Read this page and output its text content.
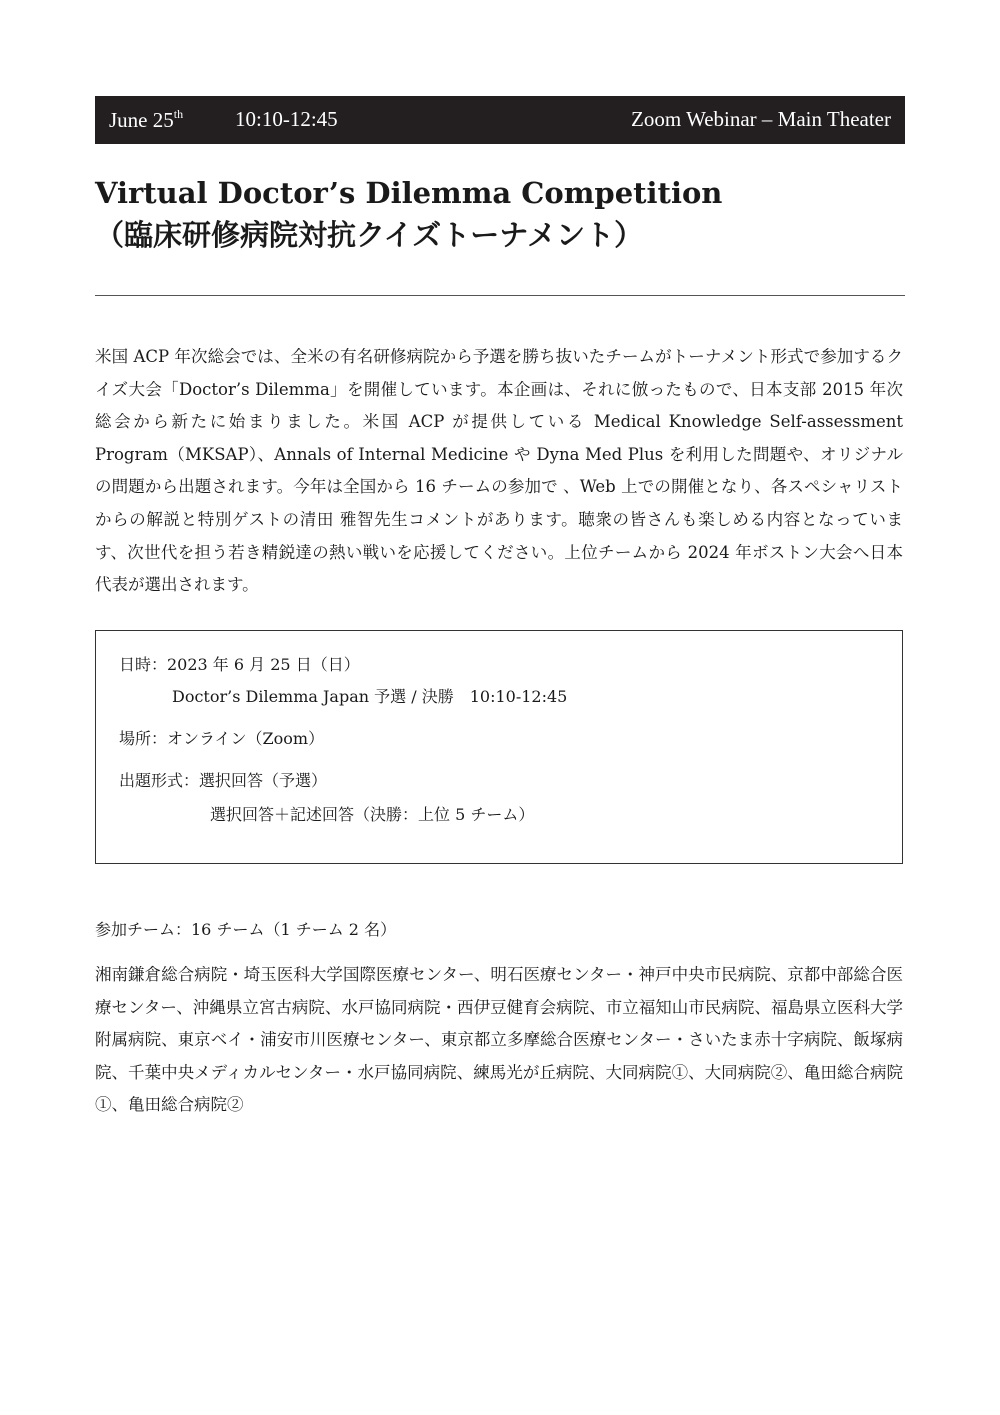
June 25th 10:10-12:45	Zoom Webinar – Main Theater
Virtual Doctor’s Dilemma Competition
（臨床研修病院対抗クイズトーナメント）

米国 ACP 年次総会では、全米の有名研修病院から予選を勝ち抜いたチームがトーナメント形式で参加するクイズ大会「Doctor’s Dilemma」を開催しています。本企画は、それに倣ったもので、日本支部 2015 年次総会から新たに始まりました。米国 ACP が提供している Medical Knowledge Self-assessment Program（MKSAP）、Annals of Internal Medicine や Dyna Med Plus を利用した問題や、オリジナルの問題から出題されます。今年は全国から 16 チームの参加で 、Web 上での開催となり、各スペシャリストからの解説と特別ゲストの清田 雅智先生コメントがあります。聴衆の皆さんも楽しめる内容となっています、次世代を担う若き精鋭達の熱い戦いを応援してください。上位チームから 2024 年ボストン大会へ日本代表が選出されます。

日時：2023 年 6 月 25 日（日）
Doctor’s Dilemma Japan 予選 / 決勝　10:10-12:45
場所：オンライン（Zoom）
出題形式：選択回答（予選）
選択回答＋記述回答（決勝：上位 5 チーム）
参加チーム：16 チーム（1 チーム 2 名）

湘南鎌倉総合病院・埼玉医科大学国際医療センター、明石医療センター・神戸中央市民病院、京都中部総合医療センター、沖縄県立宮古病院、水戸協同病院・西伊豆健育会病院、市立福知山市民病院、福島県立医科大学附属病院、東京ベイ・浦安市川医療センター、東京都立多摩総合医療センター・さいたま赤十字病院、飯塚病院、千葉中央メディカルセンター・水戸協同病院、練馬光が丘病院、大同病院①、大同病院②、亀田総合病院①、亀田総合病院②
